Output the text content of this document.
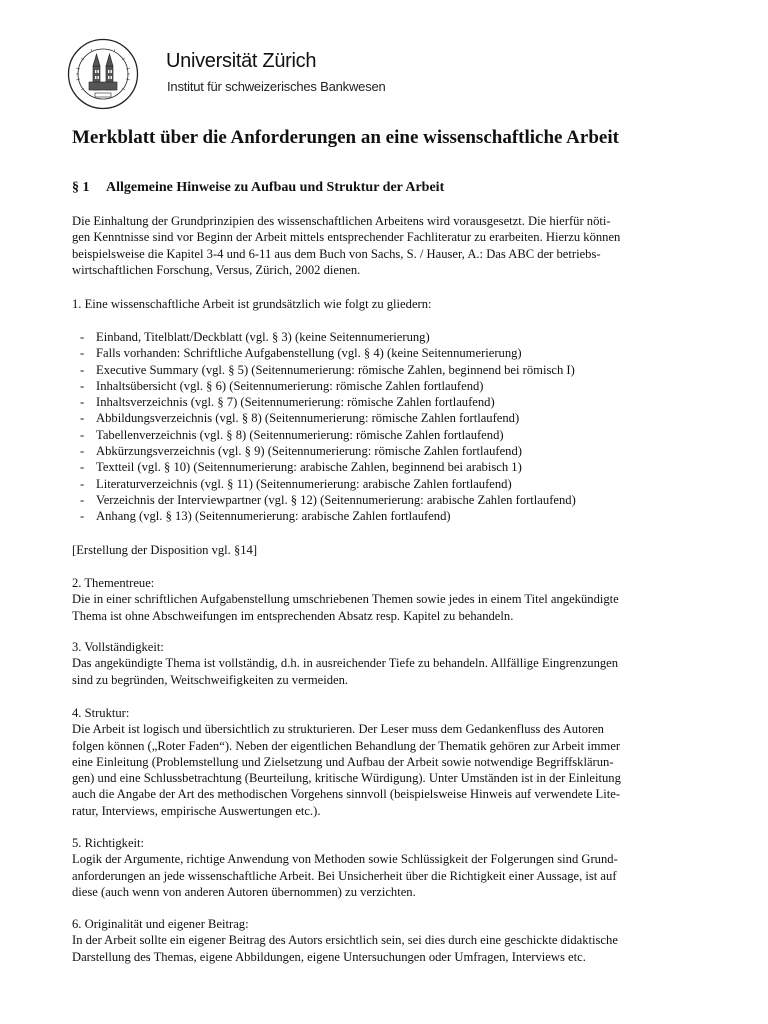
Universität Zürich

Institut für schweizerisches Bankwesen

Merkblatt über die Anforderungen an eine wissenschaftliche Arbeit
§ 1 Allgemeine Hinweise zu Aufbau und Struktur der Arbeit
Die Einhaltung der Grundprinzipien des wissenschaftlichen Arbeitens wird vorausgesetzt. Die hierfür nöti-
gen Kenntnisse sind vor Beginn der Arbeit mittels entsprechender Fachliteratur zu erarbeiten. Hierzu können
beispielsweise die Kapitel 3-4 und 6-11 aus dem Buch von Sachs, S. / Hauser, A.: Das ABC der betriebs-
wirtschaftlichen Forschung, Versus, Zürich, 2002 dienen.
1. Eine wissenschaftliche Arbeit ist grundsätzlich wie folgt zu gliedern:
- Einband, Titelblatt/Deckblatt (vgl. § 3) (keine Seitennumerierung)
- Falls vorhanden: Schriftliche Aufgabenstellung (vgl. § 4) (keine Seitennumerierung)
- Executive Summary (vgl. § 5) (Seitennumerierung: römische Zahlen, beginnend bei römisch I)
- Inhaltsübersicht (vgl. § 6) (Seitennumerierung: römische Zahlen fortlaufend)
- Inhaltsverzeichnis (vgl. § 7) (Seitennumerierung: römische Zahlen fortlaufend)
- Abbildungsverzeichnis (vgl. § 8) (Seitennumerierung: römische Zahlen fortlaufend)
- Tabellenverzeichnis (vgl. § 8) (Seitennumerierung: römische Zahlen fortlaufend)
- Abkürzungsverzeichnis (vgl. § 9) (Seitennumerierung: römische Zahlen fortlaufend)
- Textteil (vgl. § 10) (Seitennumerierung: arabische Zahlen, beginnend bei arabisch 1)
- Literaturverzeichnis (vgl. § 11) (Seitennumerierung: arabische Zahlen fortlaufend)
- Verzeichnis der Interviewpartner (vgl. § 12) (Seitennumerierung: arabische Zahlen fortlaufend)
- Anhang (vgl. § 13) (Seitennumerierung: arabische Zahlen fortlaufend)
[Erstellung der Disposition vgl. §14]
2. Thementreue:
Die in einer schriftlichen Aufgabenstellung umschriebenen Themen sowie jedes in einem Titel angekündigte
Thema ist ohne Abschweifungen im entsprechenden Absatz resp. Kapitel zu behandeln.
3. Vollständigkeit:
Das angekündigte Thema ist vollständig, d.h. in ausreichender Tiefe zu behandeln. Allfällige Eingrenzungen
sind zu begründen, Weitschweifigkeiten zu vermeiden.
4. Struktur:
Die Arbeit ist logisch und übersichtlich zu strukturieren. Der Leser muss dem Gedankenfluss des Autoren
folgen können („Roter Faden“). Neben der eigentlichen Behandlung der Thematik gehören zur Arbeit immer
eine Einleitung (Problemstellung und Zielsetzung und Aufbau der Arbeit sowie notwendige Begriffsklärun-
gen) und eine Schlussbetrachtung (Beurteilung, kritische Würdigung). Unter Umständen ist in der Einleitung
auch die Angabe der Art des methodischen Vorgehens sinnvoll (beispielsweise Hinweis auf verwendete Lite-
ratur, Interviews, empirische Auswertungen etc.).
5. Richtigkeit:
Logik der Argumente, richtige Anwendung von Methoden sowie Schlüssigkeit der Folgerungen sind Grund-
anforderungen an jede wissenschaftliche Arbeit. Bei Unsicherheit über die Richtigkeit einer Aussage, ist auf
diese (auch wenn von anderen Autoren übernommen) zu verzichten.
6. Originalität und eigener Beitrag:
In der Arbeit sollte ein eigener Beitrag des Autors ersichtlich sein, sei dies durch eine geschickte didaktische
Darstellung des Themas, eigene Abbildungen, eigene Untersuchungen oder Umfragen, Interviews etc.
